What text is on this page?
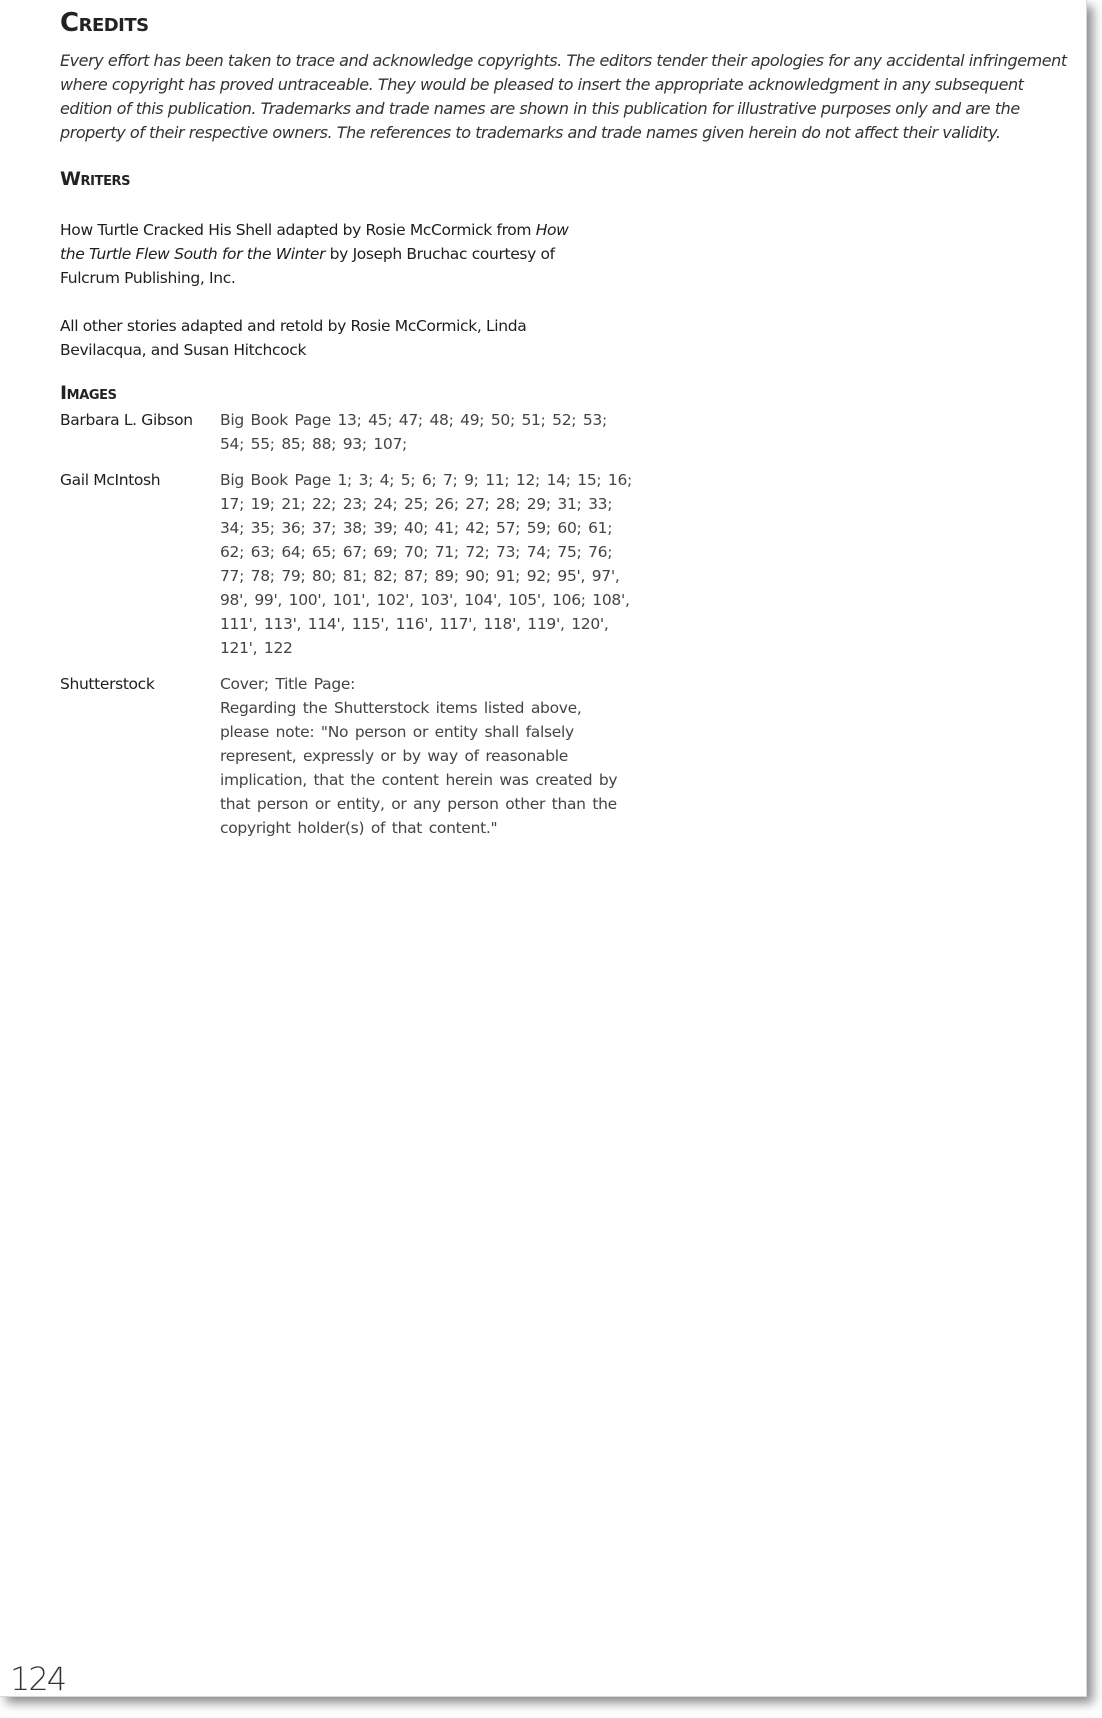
Credits

Every effort has been taken to trace and acknowledge copyrights. The editors tender their apologies for any accidental infringement where copyright has proved untraceable. They would be pleased to insert the appropriate acknowledgment in any subsequent edition of this publication. Trademarks and trade names are shown in this publication for illustrative purposes only and are the property of their respective owners. The references to trademarks and trade names given herein do not affect their validity.

Writers

How Turtle Cracked His Shell adapted by Rosie McCormick from How the Turtle Flew South for the Winter by Joseph Bruchac courtesy of Fulcrum Publishing, Inc.

All other stories adapted and retold by Rosie McCormick, Linda Bevilacqua, and Susan Hitchcock

Images
Barbara L. Gibson	Big Book Page 13; 45; 47; 48; 49; 50; 51; 52; 53; 54; 55; 85; 88; 93; 107;
Gail McIntosh	Big Book Page 1; 3; 4; 5; 6; 7; 9; 11; 12; 14; 15; 16; 17; 19; 21; 22; 23; 24; 25; 26; 27; 28; 29; 31; 33; 34; 35; 36; 37; 38; 39; 40; 41; 42; 57; 59; 60; 61; 62; 63; 64; 65; 67; 69; 70; 71; 72; 73; 74; 75; 76; 77; 78; 79; 80; 81; 82; 87; 89; 90; 91; 92; 95', 97', 98', 99', 100', 101', 102', 103', 104', 105', 106; 108', 111', 113', 114', 115', 116', 117', 118', 119', 120', 121', 122
Shutterstock	Cover; Title Page:
Regarding the Shutterstock items listed above, please note: "No person or entity shall falsely represent, expressly or by way of reasonable implication, that the content herein was created by that person or entity, or any person other than the copyright holder(s) of that content."
124
